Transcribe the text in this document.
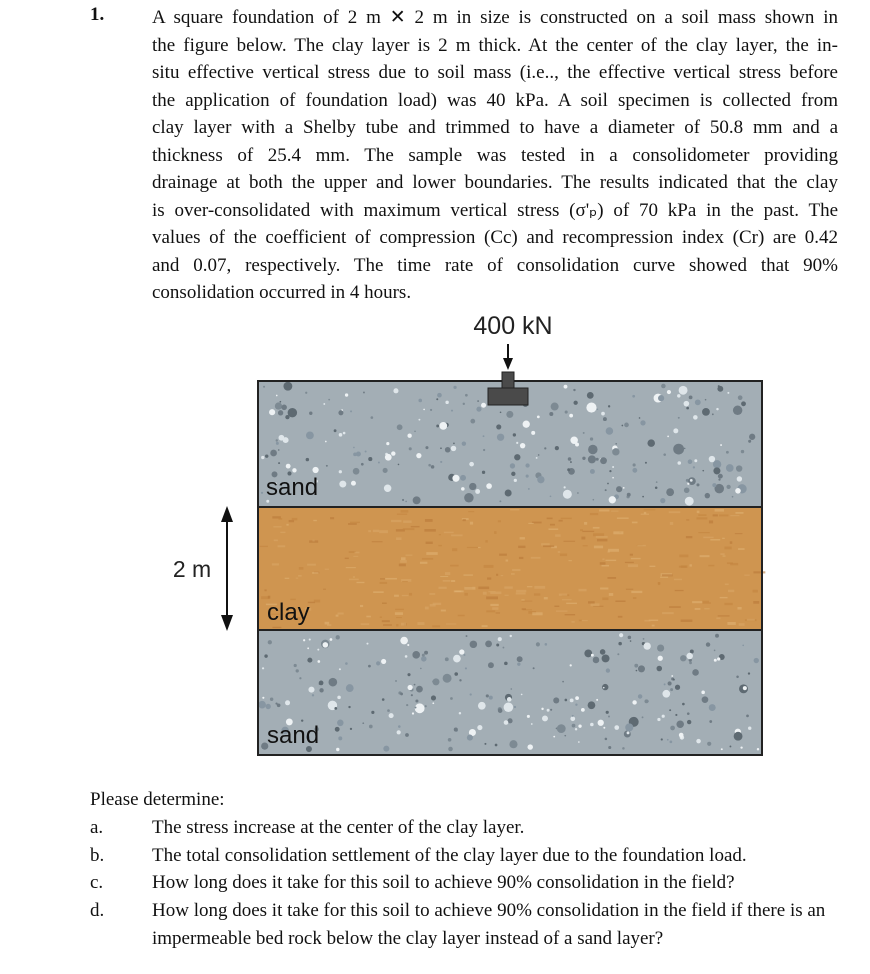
1.	A square foundation of 2 m ✕ 2 m in size is constructed on a soil mass shown in
the figure below. The clay layer is 2 m thick. At the center of the clay layer, the in-
situ effective vertical stress due to soil mass (i.e.., the effective vertical stress before
the application of foundation load) was 40 kPa. A soil specimen is collected from
clay layer with a Shelby tube and trimmed to have a diameter of 50.8 mm and a
thickness of 25.4 mm. The sample was tested in a consolidometer providing
drainage at both the upper and lower boundaries. The results indicated that the clay
is over-consolidated with maximum vertical stress (σ'ₚ) of 70 kPa in the past. The
values of the coefficient of compression (Cc) and recompression index (Cr) are 0.42
and 0.07, respectively. The time rate of consolidation curve showed that 90%
consolidation occurred in 4 hours.
400 kN
sand
clay
sand
2 m
Please determine:
a.	The stress increase at the center of the clay layer.
b.	The total consolidation settlement of the clay layer due to the foundation load.
c.	How long does it take for this soil to achieve 90% consolidation in the field?
d.	How long does it take for this soil to achieve 90% consolidation in the field if there is an impermeable bed rock below the clay layer instead of a sand layer?
